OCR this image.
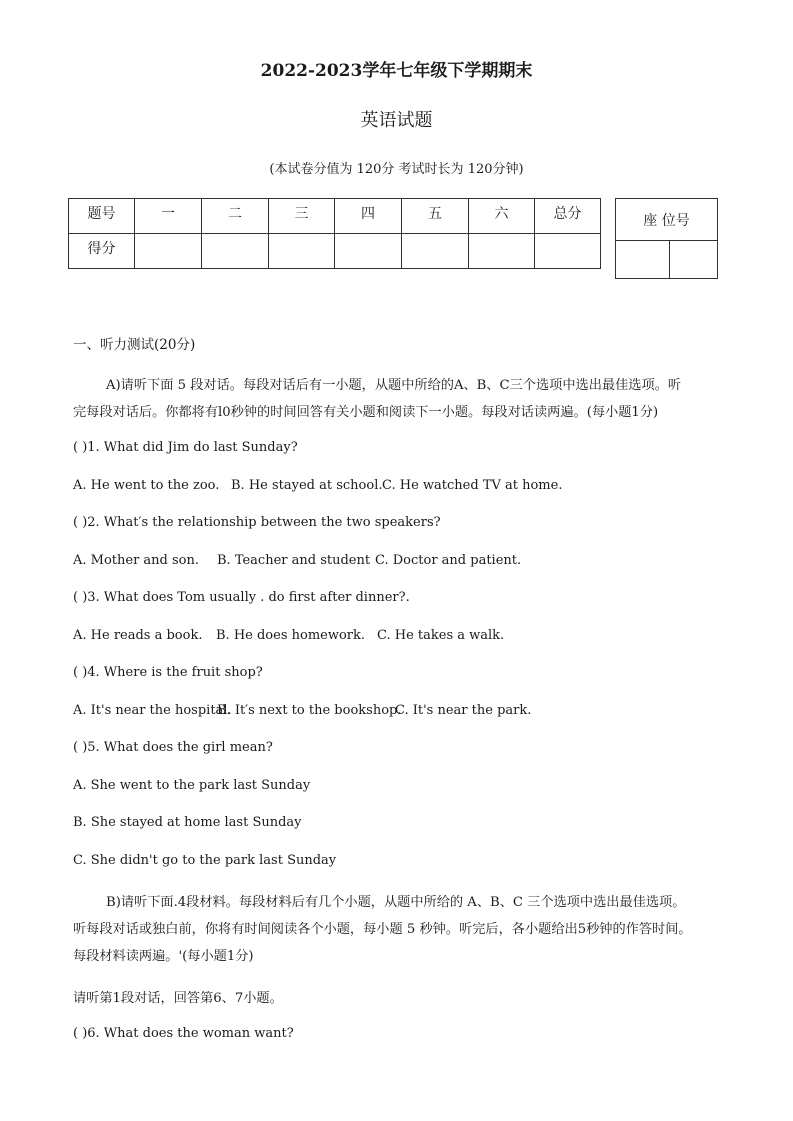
2022-2023学年七年级下学期期末
英语试题
(本试卷分值为 120分 考试时长为 120分钟)
题号	一	二	三	四	五	六	总分
得分							
座 位号

一、听力测试(20分)
A)请听下面 5 段对话。每段对话后有一小题，从题中所给的A、B、C三个选项中选出最佳选项。听
完每段对话后。你都将有l0秒钟的时间回答有关小题和阅读下一小题。每段对话读两遍。(每小题1分)
( )1. What did Jim do last Sunday?
A. He went to the zoo. B. He stayed at school. C. He watched TV at home.
( )2. What′s the relationship between the two speakers?
A. Mother and son. B. Teacher and student C. Doctor and patient.
( )3. What does Tom usually . do first after dinner?.
A. He reads a book. B. He does homework. C. He takes a walk.
( )4. Where is the fruit shop?
A. It's near the hospital.
B. It′s next to the bookshop.
C. It's near the park.
( )5. What does the girl mean?
A. She went to the park last Sunday
B. She stayed at home last Sunday
C. She didn't go to the park last Sunday
B)请听下面.4段材料。每段材料后有几个小题，从题中所给的 A、B、C 三个选项中选出最佳选项。
听每段对话或独白前，你将有时间阅读各个小题，每小题 5 秒钟。听完后，各小题给出5秒钟的作答时间。
每段材料读两遍。'(每小题1分)
请听第1段对话，回答第6、7小题。
( )6. What does the woman want?
